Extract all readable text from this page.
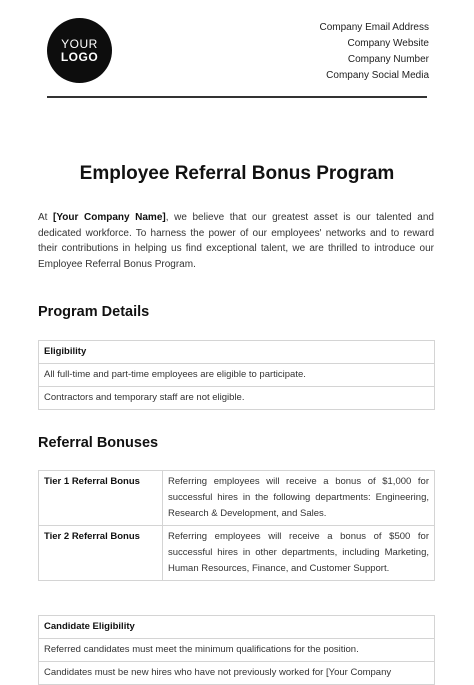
YOUR
LOGO
Company Email Address
Company Website
Company Number
Company Social Media
Employee Referral Bonus Program
At [Your Company Name], we believe that our greatest asset is our talented and dedicated workforce. To harness the power of our employees' networks and to reward their contributions in helping us find exceptional talent, we are thrilled to introduce our Employee Referral Bonus Program.
Program Details
Eligibility
All full-time and part-time employees are eligible to participate.
Contractors and temporary staff are not eligible.
Referral Bonuses
Tier 1 Referral Bonus	Referring employees will receive a bonus of $1,000 for successful hires in the following departments: Engineering, Research & Development, and Sales.
Tier 2 Referral Bonus	Referring employees will receive a bonus of $500 for successful hires in other departments, including Marketing, Human Resources, Finance, and Customer Support.
Candidate Eligibility
Referred candidates must meet the minimum qualifications for the position.
Candidates must be new hires who have not previously worked for [Your Company
